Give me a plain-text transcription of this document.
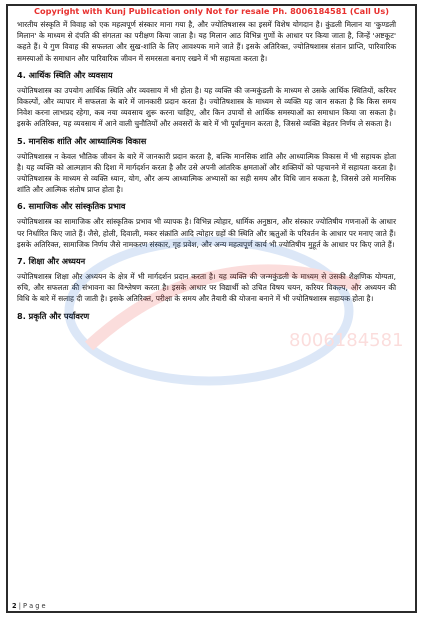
Copyright with Kunj Publication only Not for resale Ph. 8006184581 (Call Us)
8006184581
भारतीय संस्कृति में विवाह को एक महत्वपूर्ण संस्कार माना गया है, और ज्योतिषशास्त्र का इसमें विशेष योगदान है। कुंडली मिलान या 'कुण्डली मिलान' के माध्यम से दंपति की संगतता का परीक्षण किया जाता है। यह मिलान आठ विभिन्न गुणों के आधार पर किया जाता है, जिन्हें 'अष्टकूट' कहते हैं। ये गुण विवाह की सफलता और सुख-शांति के लिए आवश्यक माने जाते हैं। इसके अतिरिक्त, ज्योतिषशास्त्र संतान प्राप्ति, पारिवारिक समस्याओं के समाधान और पारिवारिक जीवन में समरसता बनाए रखने में भी सहायता करता है।
4. आर्थिक स्थिति और व्यवसाय
ज्योतिषशास्त्र का उपयोग आर्थिक स्थिति और व्यवसाय में भी होता है। यह व्यक्ति की जन्मकुंडली के माध्यम से उसके आर्थिक स्थितियों, करियर विकल्पों, और व्यापार में सफलता के बारे में जानकारी प्रदान करता है। ज्योतिषशास्त्र के माध्यम से व्यक्ति यह जान सकता है कि किस समय निवेश करना लाभप्रद रहेगा, कब नया व्यवसाय शुरू करना चाहिए, और किन उपायों से आर्थिक समस्याओं का समाधान किया जा सकता है। इसके अतिरिक्त, यह व्यवसाय में आने वाली चुनौतियों और अवसरों के बारे में भी पूर्वानुमान करता है, जिससे व्यक्ति बेहतर निर्णय ले सकता है।
5. मानसिक शांति और आध्यात्मिक विकास
ज्योतिषशास्त्र न केवल भौतिक जीवन के बारे में जानकारी प्रदान करता है, बल्कि मानसिक शांति और आध्यात्मिक विकास में भी सहायक होता है। यह व्यक्ति को आत्मज्ञान की दिशा में मार्गदर्शन करता है और उसे अपनी आंतरिक क्षमताओं और शक्तियों को पहचानने में सहायता करता है। ज्योतिषशास्त्र के माध्यम से व्यक्ति ध्यान, योग, और अन्य आध्यात्मिक अभ्यासों का सही समय और विधि जान सकता है, जिससे उसे मानसिक शांति और आत्मिक संतोष प्राप्त होता है।
6. सामाजिक और सांस्कृतिक प्रभाव
ज्योतिषशास्त्र का सामाजिक और सांस्कृतिक प्रभाव भी व्यापक है। विभिन्न त्योहार, धार्मिक अनुष्ठान, और संस्कार ज्योतिषीय गणनाओं के आधार पर निर्धारित किए जाते हैं। जैसे, होली, दिवाली, मकर संक्रांति आदि त्योहार ग्रहों की स्थिति और ऋतुओं के परिवर्तन के आधार पर मनाए जाते हैं। इसके अतिरिक्त, सामाजिक निर्णय जैसे नामकरण संस्कार, गृह प्रवेश, और अन्य महत्वपूर्ण कार्य भी ज्योतिषीय मुहूर्त के आधार पर किए जाते हैं।
7. शिक्षा और अध्ययन
ज्योतिषशास्त्र शिक्षा और अध्ययन के क्षेत्र में भी मार्गदर्शन प्रदान करता है। यह व्यक्ति की जन्मकुंडली के माध्यम से उसकी शैक्षणिक योग्यता, रुचि, और सफलता की संभावना का विश्लेषण करता है। इसके आधार पर विद्यार्थी को उचित विषय चयन, करियर विकल्प, और अध्ययन की विधि के बारे में सलाह दी जाती है। इसके अतिरिक्त, परीक्षा के समय और तैयारी की योजना बनाने में भी ज्योतिषशास्त्र सहायक होता है।
8. प्रकृति और पर्यावरण
2 | P a g e
